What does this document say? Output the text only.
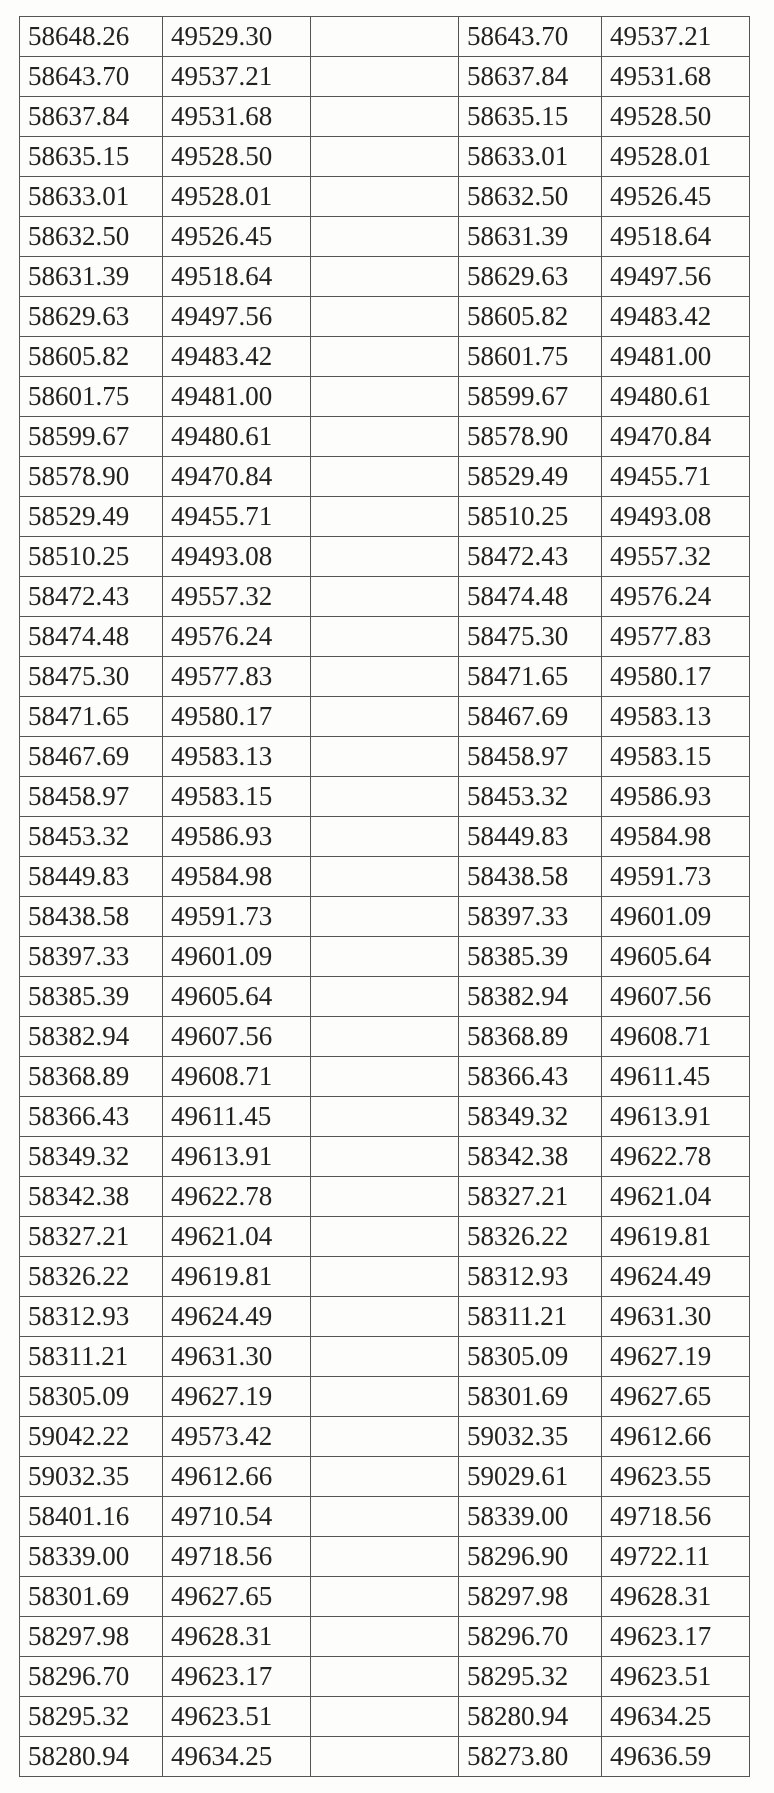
58648.26	49529.30		58643.70	49537.21
58643.70	49537.21		58637.84	49531.68
58637.84	49531.68		58635.15	49528.50
58635.15	49528.50		58633.01	49528.01
58633.01	49528.01		58632.50	49526.45
58632.50	49526.45		58631.39	49518.64
58631.39	49518.64		58629.63	49497.56
58629.63	49497.56		58605.82	49483.42
58605.82	49483.42		58601.75	49481.00
58601.75	49481.00		58599.67	49480.61
58599.67	49480.61		58578.90	49470.84
58578.90	49470.84		58529.49	49455.71
58529.49	49455.71		58510.25	49493.08
58510.25	49493.08		58472.43	49557.32
58472.43	49557.32		58474.48	49576.24
58474.48	49576.24		58475.30	49577.83
58475.30	49577.83		58471.65	49580.17
58471.65	49580.17		58467.69	49583.13
58467.69	49583.13		58458.97	49583.15
58458.97	49583.15		58453.32	49586.93
58453.32	49586.93		58449.83	49584.98
58449.83	49584.98		58438.58	49591.73
58438.58	49591.73		58397.33	49601.09
58397.33	49601.09		58385.39	49605.64
58385.39	49605.64		58382.94	49607.56
58382.94	49607.56		58368.89	49608.71
58368.89	49608.71		58366.43	49611.45
58366.43	49611.45		58349.32	49613.91
58349.32	49613.91		58342.38	49622.78
58342.38	49622.78		58327.21	49621.04
58327.21	49621.04		58326.22	49619.81
58326.22	49619.81		58312.93	49624.49
58312.93	49624.49		58311.21	49631.30
58311.21	49631.30		58305.09	49627.19
58305.09	49627.19		58301.69	49627.65
59042.22	49573.42		59032.35	49612.66
59032.35	49612.66		59029.61	49623.55
58401.16	49710.54		58339.00	49718.56
58339.00	49718.56		58296.90	49722.11
58301.69	49627.65		58297.98	49628.31
58297.98	49628.31		58296.70	49623.17
58296.70	49623.17		58295.32	49623.51
58295.32	49623.51		58280.94	49634.25
58280.94	49634.25		58273.80	49636.59
